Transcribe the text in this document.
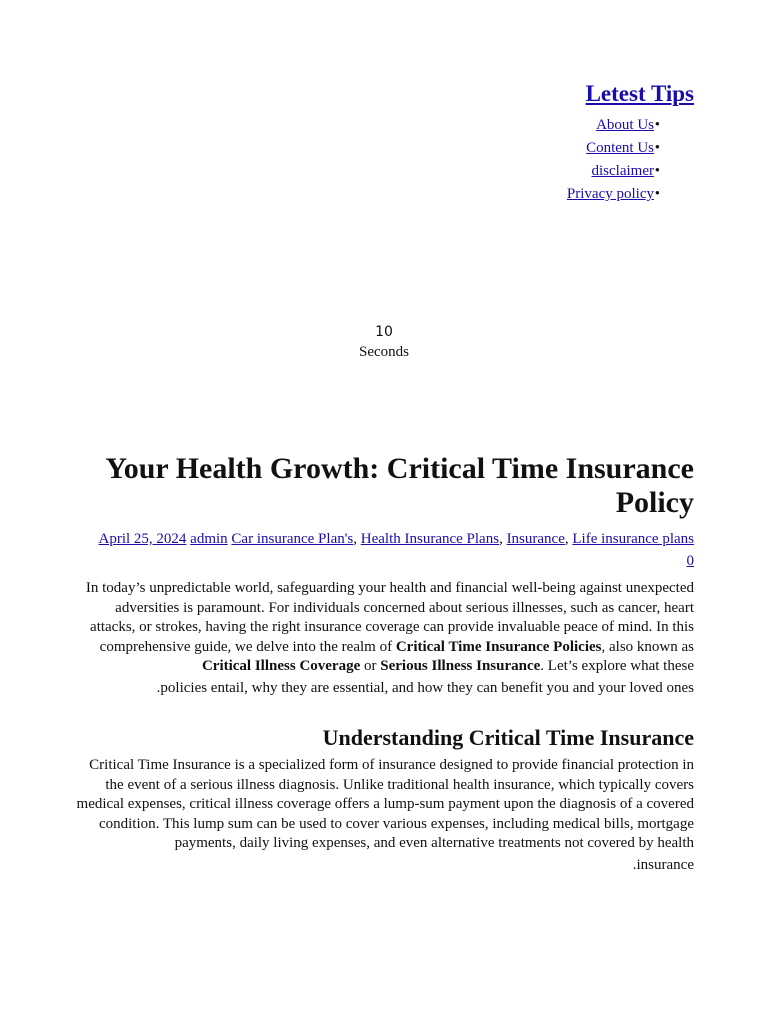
Letest Tips
About Us •
Content Us •
disclaimer •
Privacy policy •
10
Seconds
Your Health Growth: Critical Time Insurance Policy
April 25, 2024 admin Car insurance Plan's, Health Insurance Plans, Insurance, Life insurance plans
0

In today’s unpredictable world, safeguarding your health and financial well-being against unexpected adversities is paramount. For individuals concerned about serious illnesses, such as cancer, heart attacks, or strokes, having the right insurance coverage can provide invaluable peace of mind. In this comprehensive guide, we delve into the realm of Critical Time Insurance Policies, also known as Critical Illness Coverage or Serious Illness Insurance. Let’s explore what these
.policies entail, why they are essential, and how they can benefit you and your loved ones

Understanding Critical Time Insurance

Critical Time Insurance is a specialized form of insurance designed to provide financial protection in the event of a serious illness diagnosis. Unlike traditional health insurance, which typically covers medical expenses, critical illness coverage offers a lump-sum payment upon the diagnosis of a covered condition. This lump sum can be used to cover various expenses, including medical bills, mortgage payments, daily living expenses, and even alternative treatments not covered by health
.insurance
